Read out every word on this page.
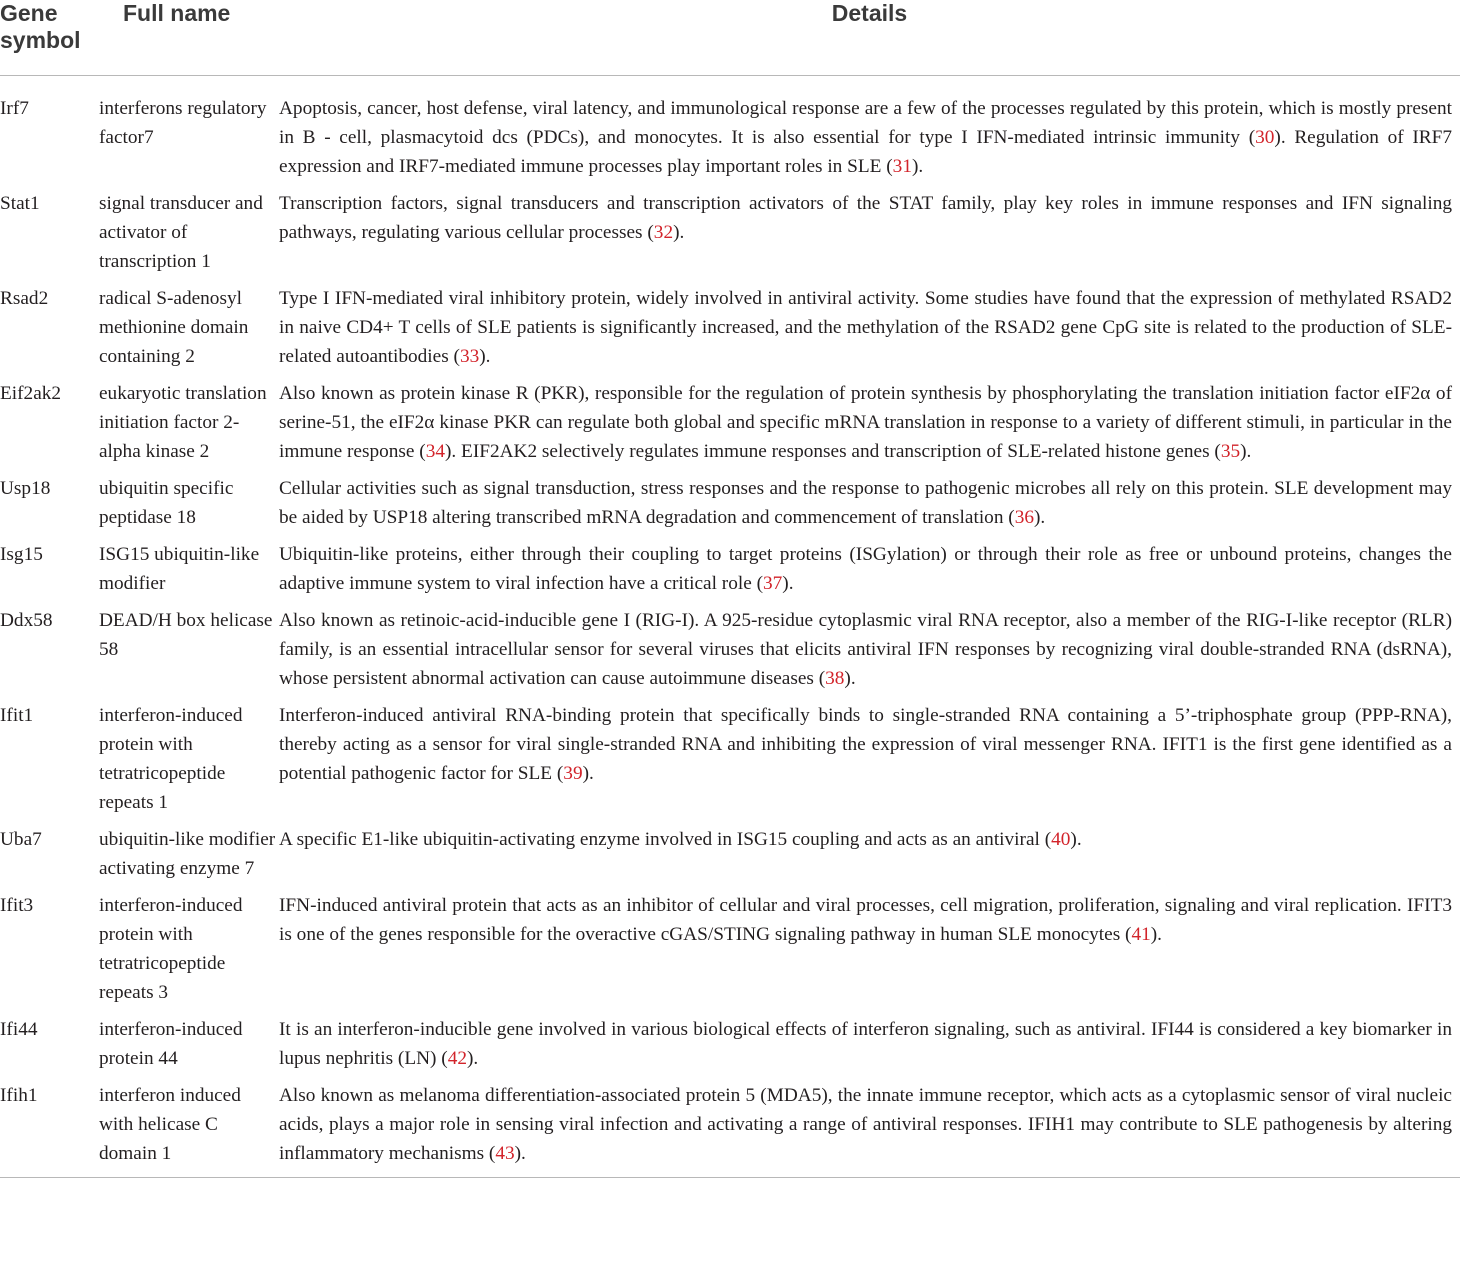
Gene symbol	Full name	Details
Irf7	interferons regulatory factor7	Apoptosis, cancer, host defense, viral latency, and immunological response are a few of the processes regulated by this protein, which is mostly present in B - cell, plasmacytoid dcs (PDCs), and monocytes. It is also essential for type I IFN-mediated intrinsic immunity (30). Regulation of IRF7 expression and IRF7-mediated immune processes play important roles in SLE (31).
Stat1	signal transducer and activator of transcription 1	Transcription factors, signal transducers and transcription activators of the STAT family, play key roles in immune responses and IFN signaling pathways, regulating various cellular processes (32).
Rsad2	radical S-adenosyl methionine domain containing 2	Type I IFN-mediated viral inhibitory protein, widely involved in antiviral activity. Some studies have found that the expression of methylated RSAD2 in naive CD4+ T cells of SLE patients is significantly increased, and the methylation of the RSAD2 gene CpG site is related to the production of SLE-related autoantibodies (33).
Eif2ak2	eukaryotic translation initiation factor 2-alpha kinase 2	Also known as protein kinase R (PKR), responsible for the regulation of protein synthesis by phosphorylating the translation initiation factor eIF2α of serine-51, the eIF2α kinase PKR can regulate both global and specific mRNA translation in response to a variety of different stimuli, in particular in the immune response (34). EIF2AK2 selectively regulates immune responses and transcription of SLE-related histone genes (35).
Usp18	ubiquitin specific peptidase 18	Cellular activities such as signal transduction, stress responses and the response to pathogenic microbes all rely on this protein. SLE development may be aided by USP18 altering transcribed mRNA degradation and commencement of translation (36).
Isg15	ISG15 ubiquitin-like modifier	Ubiquitin-like proteins, either through their coupling to target proteins (ISGylation) or through their role as free or unbound proteins, changes the adaptive immune system to viral infection have a critical role (37).
Ddx58	DEAD/H box helicase 58	Also known as retinoic-acid-inducible gene I (RIG-I). A 925-residue cytoplasmic viral RNA receptor, also a member of the RIG-I-like receptor (RLR) family, is an essential intracellular sensor for several viruses that elicits antiviral IFN responses by recognizing viral double-stranded RNA (dsRNA), whose persistent abnormal activation can cause autoimmune diseases (38).
Ifit1	interferon-induced protein with tetratricopeptide repeats 1	Interferon-induced antiviral RNA-binding protein that specifically binds to single-stranded RNA containing a 5’-triphosphate group (PPP-RNA), thereby acting as a sensor for viral single-stranded RNA and inhibiting the expression of viral messenger RNA. IFIT1 is the first gene identified as a potential pathogenic factor for SLE (39).
Uba7	ubiquitin-like modifier activating enzyme 7	A specific E1-like ubiquitin-activating enzyme involved in ISG15 coupling and acts as an antiviral (40).
Ifit3	interferon-induced protein with tetratricopeptide repeats 3	IFN-induced antiviral protein that acts as an inhibitor of cellular and viral processes, cell migration, proliferation, signaling and viral replication. IFIT3 is one of the genes responsible for the overactive cGAS/STING signaling pathway in human SLE monocytes (41).
Ifi44	interferon-induced protein 44	It is an interferon-inducible gene involved in various biological effects of interferon signaling, such as antiviral. IFI44 is considered a key biomarker in lupus nephritis (LN) (42).
Ifih1	interferon induced with helicase C domain 1	Also known as melanoma differentiation-associated protein 5 (MDA5), the innate immune receptor, which acts as a cytoplasmic sensor of viral nucleic acids, plays a major role in sensing viral infection and activating a range of antiviral responses. IFIH1 may contribute to SLE pathogenesis by altering inflammatory mechanisms (43).
